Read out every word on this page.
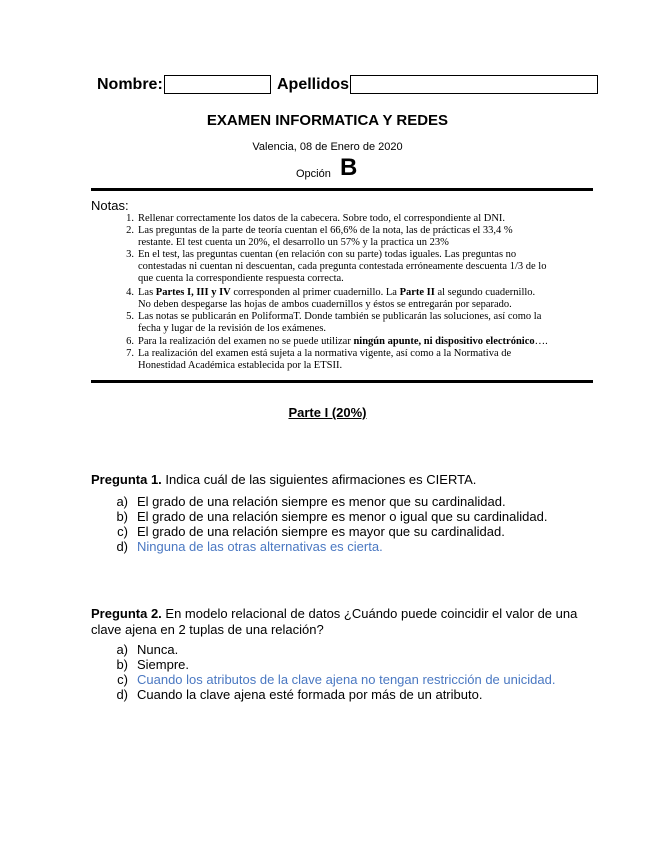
Nombre:	Apellidos
EXAMEN INFORMATICA Y REDES
Valencia, 08 de Enero de 2020
Opción B
Notas:
1. Rellenar correctamente los datos de la cabecera. Sobre todo, el correspondiente al DNI.
2. Las preguntas de la parte de teoría cuentan el 66,6% de la nota, las de prácticas el 33,4 % restante. El test cuenta un 20%, el desarrollo un 57% y la practica un 23%
3. En el test, las preguntas cuentan (en relación con su parte) todas iguales. Las preguntas no contestadas ni cuentan ni descuentan, cada pregunta contestada erróneamente descuenta 1/3 de lo que cuenta la correspondiente respuesta correcta.
4. Las Partes I, III y IV corresponden al primer cuadernillo. La Parte II al segundo cuadernillo. No deben despegarse las hojas de ambos cuadernillos y éstos se entregarán por separado.
5. Las notas se publicarán en PoliformaT. Donde también se publicarán las soluciones, así como la fecha y lugar de la revisión de los exámenes.
6. Para la realización del examen no se puede utilizar ningún apunte, ni dispositivo electrónico….
7. La realización del examen está sujeta a la normativa vigente, así como a la Normativa de Honestidad Académica establecida por la ETSII.
Parte I (20%)
Pregunta 1. Indica cuál de las siguientes afirmaciones es CIERTA.
a) El grado de una relación siempre es menor que su cardinalidad.
b) El grado de una relación siempre es menor o igual que su cardinalidad.
c) El grado de una relación siempre es mayor que su cardinalidad.
d) Ninguna de las otras alternativas es cierta.
Pregunta 2. En modelo relacional de datos ¿Cuándo puede coincidir el valor de una clave ajena en 2 tuplas de una relación?
a) Nunca.
b) Siempre.
c) Cuando los atributos de la clave ajena no tengan restricción de unicidad.
d) Cuando la clave ajena esté formada por más de un atributo.
